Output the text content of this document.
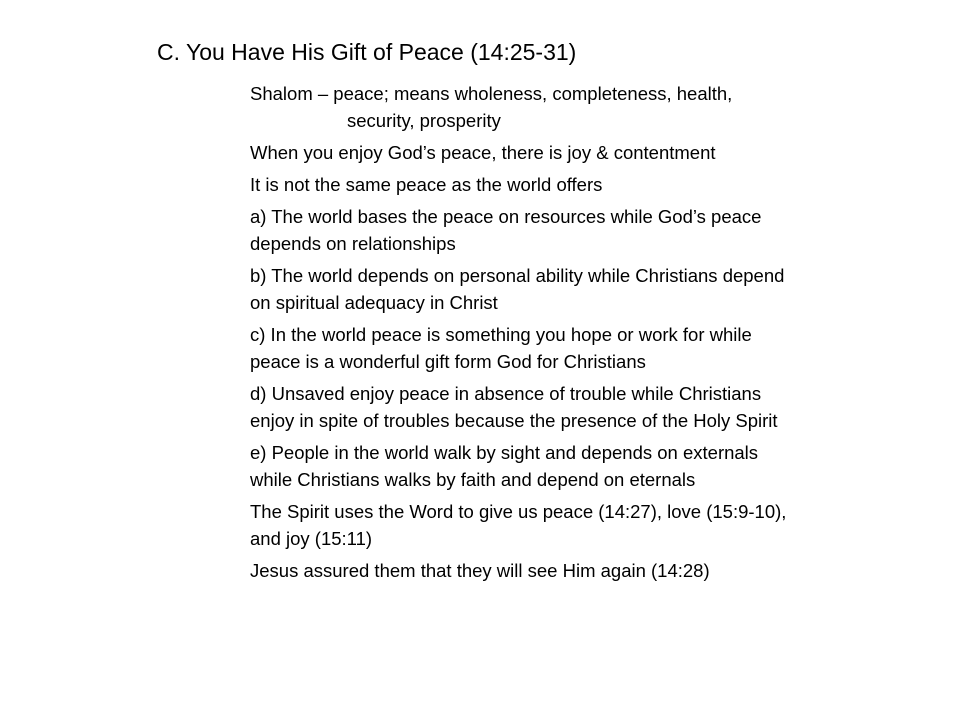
C. You Have His Gift of Peace (14:25-31)
Shalom – peace; means wholeness, completeness, health,
security, prosperity
When you enjoy God’s peace, there is joy & contentment
It is not the same peace as the world offers
a) The world bases the peace on resources while God’s peace
depends on relationships
b) The world depends on personal ability while Christians depend
on spiritual adequacy in Christ
c) In the world peace is something you hope or work for while
peace is a wonderful gift form God for Christians
d) Unsaved enjoy peace in absence of trouble while Christians
enjoy in spite of troubles because the presence of the Holy Spirit
e) People in the world walk by sight and depends on externals
while Christians walks by faith and depend on eternals
The Spirit uses the Word to give us peace (14:27), love (15:9-10),
and joy (15:11)
Jesus assured them that they will see Him again (14:28)
